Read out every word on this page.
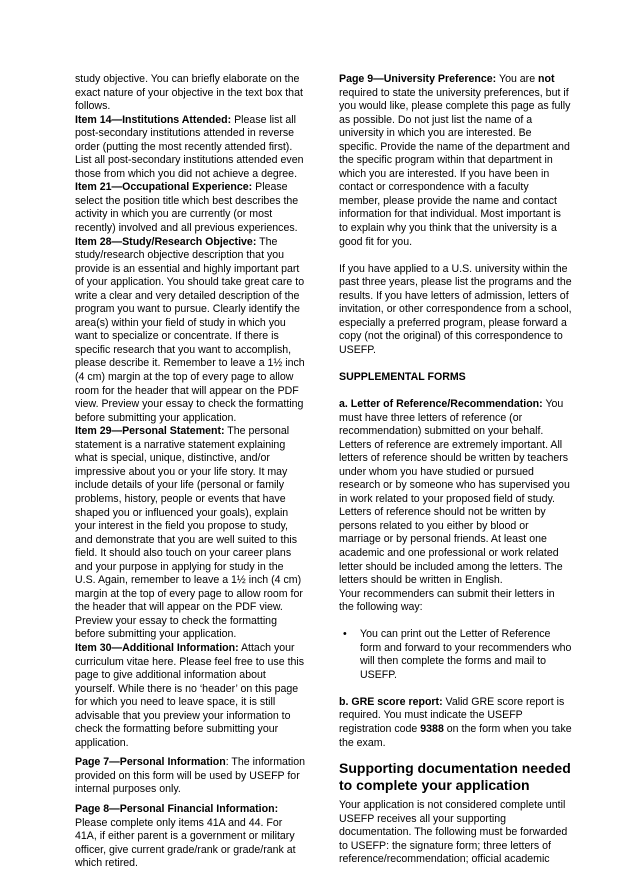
study objective. You can briefly elaborate on the exact nature of your objective in the text box that follows.

Item 14—Institutions Attended: Please list all post-secondary institutions attended in reverse order (putting the most recently attended first). List all post-secondary institutions attended even those from which you did not achieve a degree.

Item 21—Occupational Experience: Please select the position title which best describes the activity in which you are currently (or most recently) involved and all previous experiences.

Item 28—Study/Research Objective: The study/research objective description that you provide is an essential and highly important part of your application. You should take great care to write a clear and very detailed description of the program you want to pursue. Clearly identify the area(s) within your field of study in which you want to specialize or concentrate. If there is specific research that you want to accomplish, please describe it. Remember to leave a 1½ inch (4 cm) margin at the top of every page to allow room for the header that will appear on the PDF view. Preview your essay to check the formatting before submitting your application.

Item 29—Personal Statement: The personal statement is a narrative statement explaining what is special, unique, distinctive, and/or impressive about you or your life story. It may include details of your life (personal or family problems, history, people or events that have shaped you or influenced your goals), explain your interest in the field you propose to study, and demonstrate that you are well suited to this field. It should also touch on your career plans and your purpose in applying for study in the U.S. Again, remember to leave a 1½ inch (4 cm) margin at the top of every page to allow room for the header that will appear on the PDF view. Preview your essay to check the formatting before submitting your application.

Item 30—Additional Information: Attach your curriculum vitae here. Please feel free to use this page to give additional information about yourself. While there is no ‘header’ on this page for which you need to leave space, it is still advisable that you preview your information to check the formatting before submitting your application.

Page 7—Personal Information: The information provided on this form will be used by USEFP for internal purposes only.

Page 8—Personal Financial Information: Please complete only items 41A and 44. For 41A, if either parent is a government or military officer, give current grade/rank or grade/rank at which retired.

Page 9—University Preference: You are not required to state the university preferences, but if you would like, please complete this page as fully as possible. Do not just list the name of a university in which you are interested. Be specific. Provide the name of the department and the specific program within that department in which you are interested. If you have been in contact or correspondence with a faculty member, please provide the name and contact information for that individual. Most important is to explain why you think that the university is a good fit for you.

If you have applied to a U.S. university within the past three years, please list the programs and the results. If you have letters of admission, letters of invitation, or other correspondence from a school, especially a preferred program, please forward a copy (not the original) of this correspondence to USEFP.

SUPPLEMENTAL FORMS

a. Letter of Reference/Recommendation: You must have three letters of reference (or recommendation) submitted on your behalf. Letters of reference are extremely important. All letters of reference should be written by teachers under whom you have studied or pursued research or by someone who has supervised you in work related to your proposed field of study. Letters of reference should not be written by persons related to you either by blood or marriage or by personal friends. At least one academic and one professional or work related letter should be included among the letters. The letters should be written in English.

Your recommenders can submit their letters in the following way:

• You can print out the Letter of Reference form and forward to your recommenders who will then complete the forms and mail to USEFP.

b. GRE score report: Valid GRE score report is required. You must indicate the USEFP registration code 9388 on the form when you take the exam.

Supporting documentation needed to complete your application

Your application is not considered complete until USEFP receives all your supporting documentation. The following must be forwarded to USEFP: the signature form; three letters of reference/recommendation; official academic
